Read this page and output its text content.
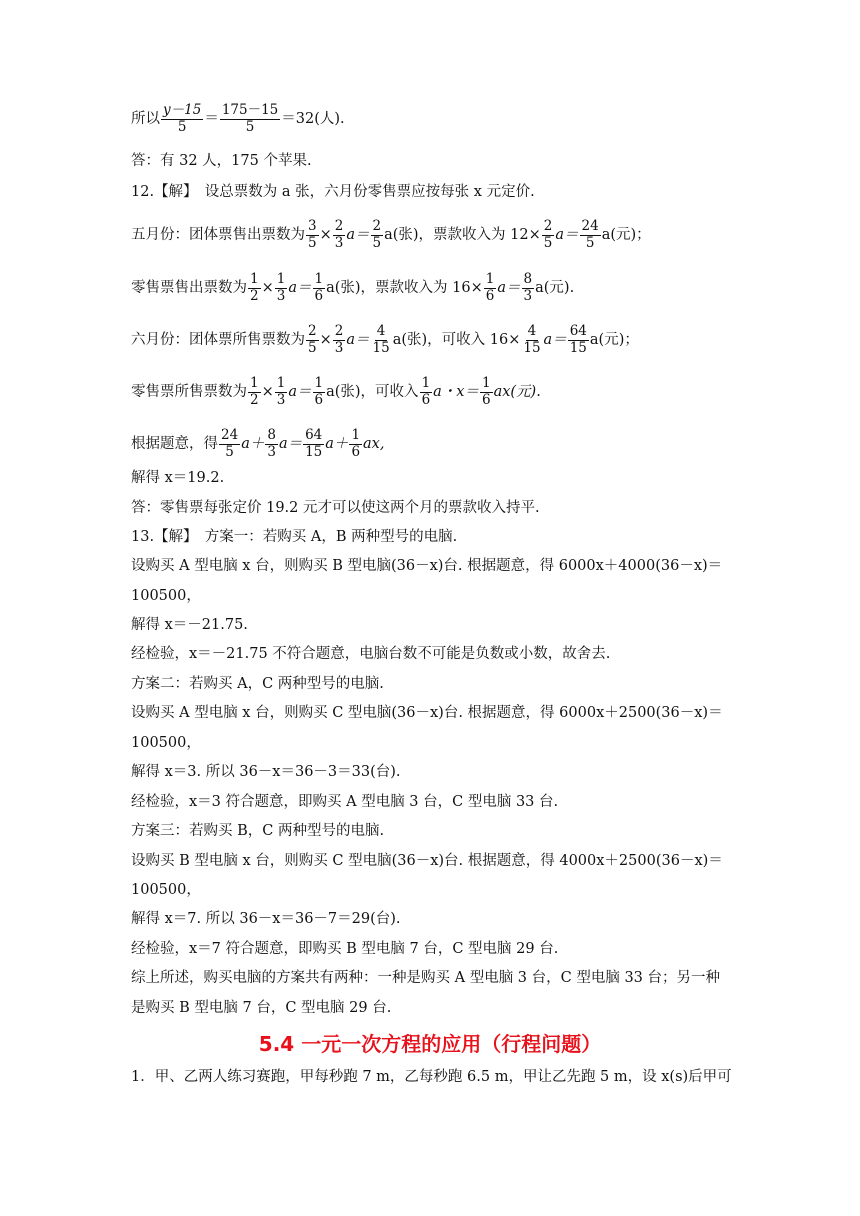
所以 $\frac{y-15}{5} = \frac{175-15}{5} =32$(人).
答：有 32 人，175 个苹果.
12.【解】　设总票数为 a 张，六月份零售票应按每张 x 元定价.
五月份：团体票售出票数为 $\frac{3}{5} \times \frac{2}{3} a= \frac{2}{5} a$(张)，票款收入为 $12\times \frac{2}{5} a= \frac{24}{5} a$(元)；
零售票售出票数为 $\frac{1}{2} \times \frac{1}{3} a= \frac{1}{6} a$(张)，票款收入为 $16\times \frac{1}{6} a= \frac{8}{3} a$(元).
六月份：团体票所售票数为 $\frac{2}{5} \times \frac{2}{3} a= \frac{4}{15} a$(张)，可收入 $16\times \frac{4}{15} a= \frac{64}{15} a$(元)；
零售票所售票数为 $\frac{1}{2} \times \frac{1}{3} a= \frac{1}{6} a$(张)，可收入 $\frac{1}{6}$ a・$x= \frac{1}{6} ax$(元).
根据题意，得 $\frac{24}{5} a+ \frac{8}{3} a= \frac{64}{15} a+ \frac{1}{6}$ ax,
解得 x＝19.2.
答：零售票每张定价 19.2 元才可以使这两个月的票款收入持平.
13.【解】　方案一：若购买 A，B 两种型号的电脑.
设购买 A 型电脑 x 台，则购买 B 型电脑(36－x)台. 根据题意，得 6000x＋4000(36－x)＝
100500，
解得 x＝－21.75.
经检验，x＝－21.75 不符合题意，电脑台数不可能是负数或小数，故舍去.
方案二：若购买 A，C 两种型号的电脑.
设购买 A 型电脑 x 台，则购买 C 型电脑(36－x)台. 根据题意，得 6000x＋2500(36－x)＝
100500，
解得 x＝3. 所以 36－x＝36－3＝33(台).
经检验，x＝3 符合题意，即购买 A 型电脑 3 台，C 型电脑 33 台.
方案三：若购买 B，C 两种型号的电脑.
设购买 B 型电脑 x 台，则购买 C 型电脑(36－x)台. 根据题意，得 4000x＋2500(36－x)＝
100500，
解得 x＝7. 所以 36－x＝36－7＝29(台).
经检验，x＝7 符合题意，即购买 B 型电脑 7 台，C 型电脑 29 台.
综上所述，购买电脑的方案共有两种：一种是购买 A 型电脑 3 台，C 型电脑 33 台；另一种
是购买 B 型电脑 7 台，C 型电脑 29 台.
5.4 一元一次方程的应用（行程问题）
1．甲、乙两人练习赛跑，甲每秒跑 7 m，乙每秒跑 6.5 m，甲让乙先跑 5 m，设 x(s)后甲可
